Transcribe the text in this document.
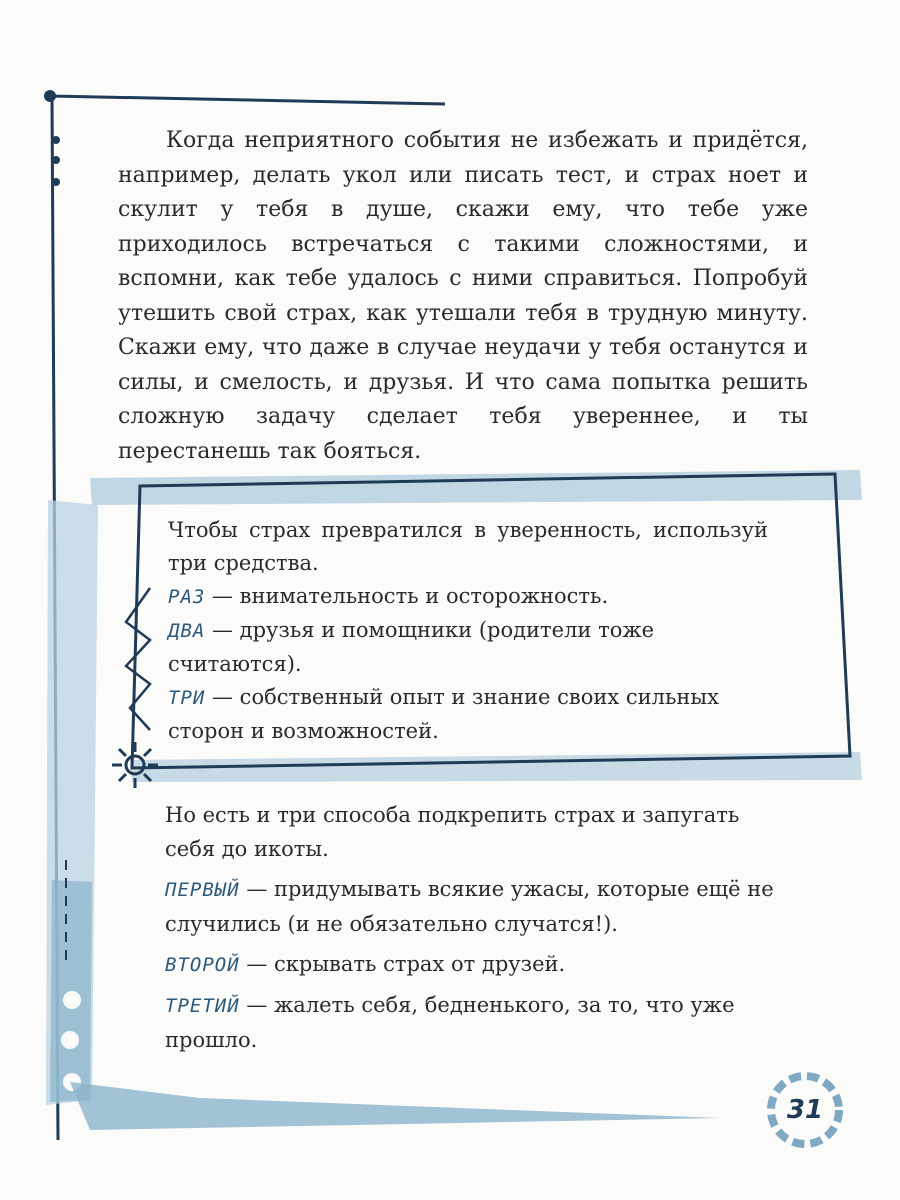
Когда неприятного события не избежать и придётся, например, делать укол или писать тест, и страх ноет и скулит у тебя в душе, скажи ему, что тебе уже приходилось встречаться с такими сложностями, и вспомни, как тебе удалось с ними справиться. Попробуй утешить свой страх, как утешали тебя в трудную минуту. Скажи ему, что даже в случае неудачи у тебя останутся и силы, и смелость, и друзья. И что сама попытка решить сложную задачу сделает тебя увереннее, и ты перестанешь так бояться.

Чтобы страх превратился в уверенность, используй три средства.

РАЗ — внимательность и осторожность.

ДВА — друзья и помощники (родители тоже считаются).

ТРИ — собственный опыт и знание своих сильных сторон и возможностей.

Но есть и три способа подкрепить страх и запугать себя до икоты.

ПЕРВЫЙ — придумывать всякие ужасы, которые ещё не случились (и не обязательно случатся!).

ВТОРОЙ — скрывать страх от друзей.

ТРЕТИЙ — жалеть себя, бедненького, за то, что уже прошло.

31
